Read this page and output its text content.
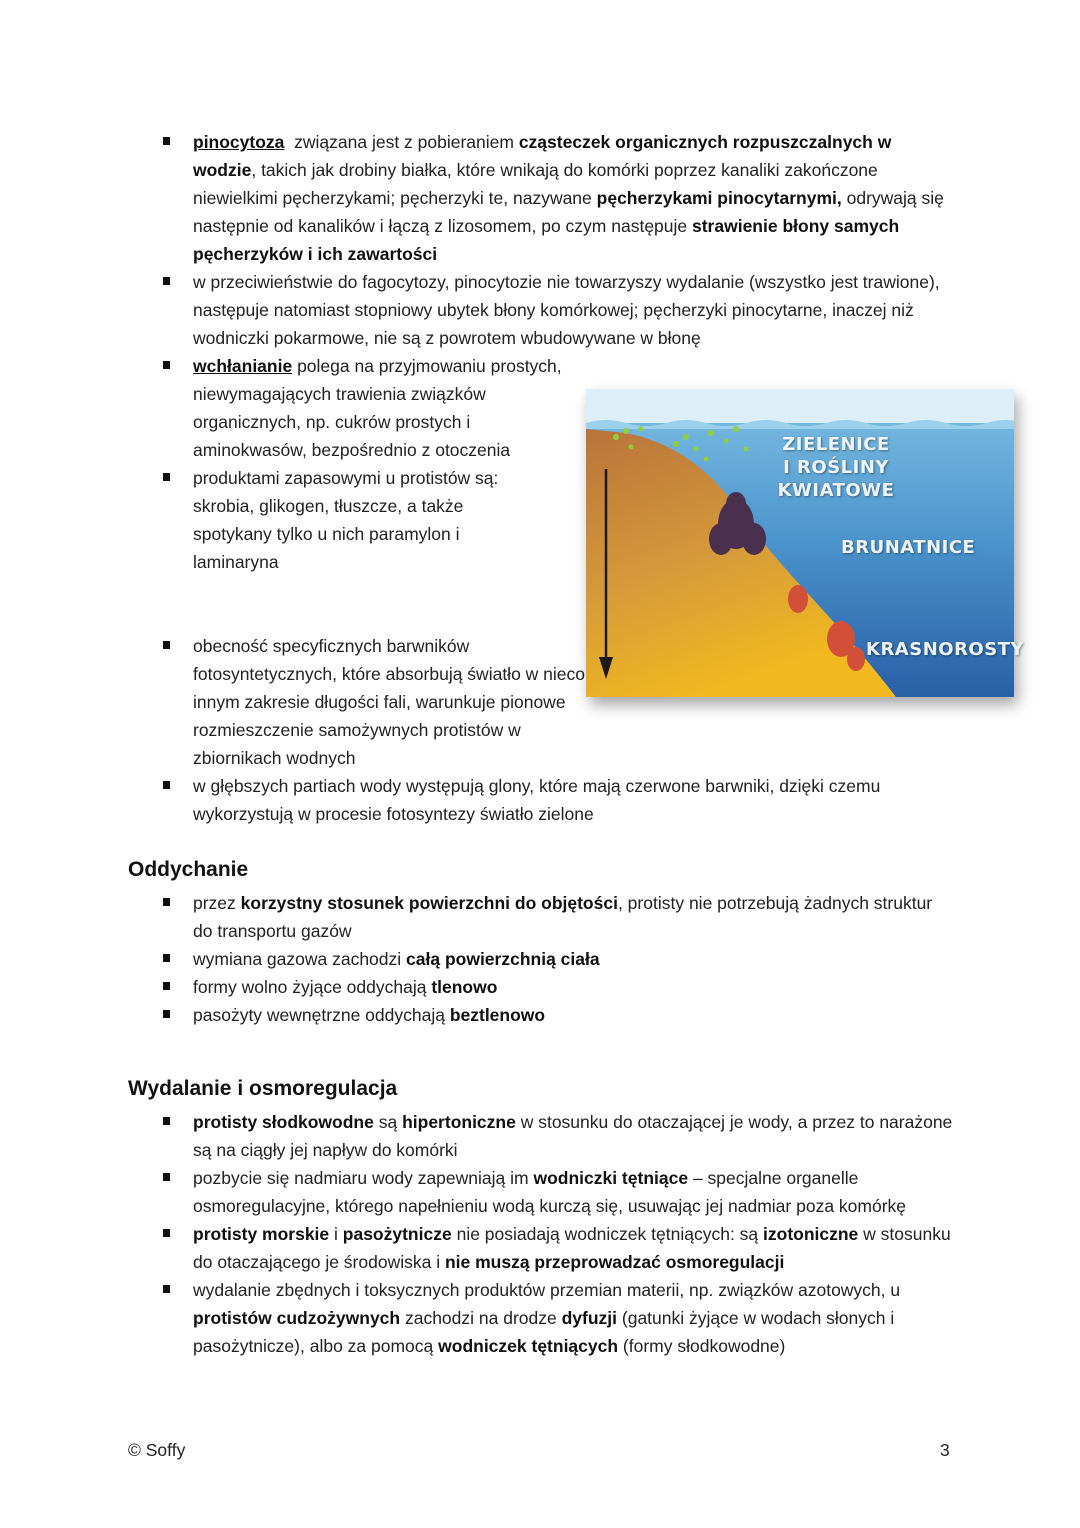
pinocytoza  związana jest z pobieraniem cząsteczek organicznych rozpuszczalnych w wodzie, takich jak drobiny białka, które wnikają do komórki poprzez kanaliki zakończone niewielkimi pęcherzykami; pęcherzyki te, nazywane pęcherzykami pinocytarnymi, odrywają się następnie od kanalików i łączą z lizosomem, po czym następuje strawienie błony samych pęcherzyków i ich zawartości
w przeciwieństwie do fagocytozy, pinocytozie nie towarzyszy wydalanie (wszystko jest trawione), następuje natomiast stopniowy ubytek błony komórkowej; pęcherzyki pinocytarne, inaczej niż wodniczki pokarmowe, nie są z powrotem wbudowywane w błonę
wchłanianie polega na przyjmowaniu prostych, niewymagających trawienia związków organicznych, np. cukrów prostych i aminokwasów, bezpośrednio z otoczenia
produktami zapasowymi u protistów są: skrobia, glikogen, tłuszcze, a także spotykany tylko u nich paramylon i laminaryna
obecność specyficznych barwników fotosyntetycznych, które absorbują światło w nieco innym zakresie długości fali, warunkuje pionowe rozmieszczenie samożywnych protistów w zbiornikach wodnych
w głębszych partiach wody występują glony, które mają czerwone barwniki, dzięki czemu wykorzystują w procesie fotosyntezy światło zielone
ZIELENICE
I ROŚLINY KWIATOWE
BRUNATNICE
KRASNOROSTY
Oddychanie
przez korzystny stosunek powierzchni do objętości, protisty nie potrzebują żadnych struktur do transportu gazów
wymiana gazowa zachodzi całą powierzchnią ciała
formy wolno żyjące oddychają tlenowo
pasożyty wewnętrzne oddychają beztlenowo
Wydalanie i osmoregulacja
protisty słodkowodne są hipertoniczne w stosunku do otaczającej je wody, a przez to narażone są na ciągły jej napływ do komórki
pozbycie się nadmiaru wody zapewniają im wodniczki tętniące – specjalne organelle osmoregulacyjne, którego napełnieniu wodą kurczą się, usuwając jej nadmiar poza komórkę
protisty morskie i pasożytnicze nie posiadają wodniczek tętniących: są izotoniczne w stosunku do otaczającego je środowiska i nie muszą przeprowadzać osmoregulacji
wydalanie zbędnych i toksycznych produktów przemian materii, np. związków azotowych, u protistów cudzożywnych zachodzi na drodze dyfuzji (gatunki żyjące w wodach słonych i pasożytnicze), albo za pomocą wodniczek tętniących (formy słodkowodne)
© Soffy	3
